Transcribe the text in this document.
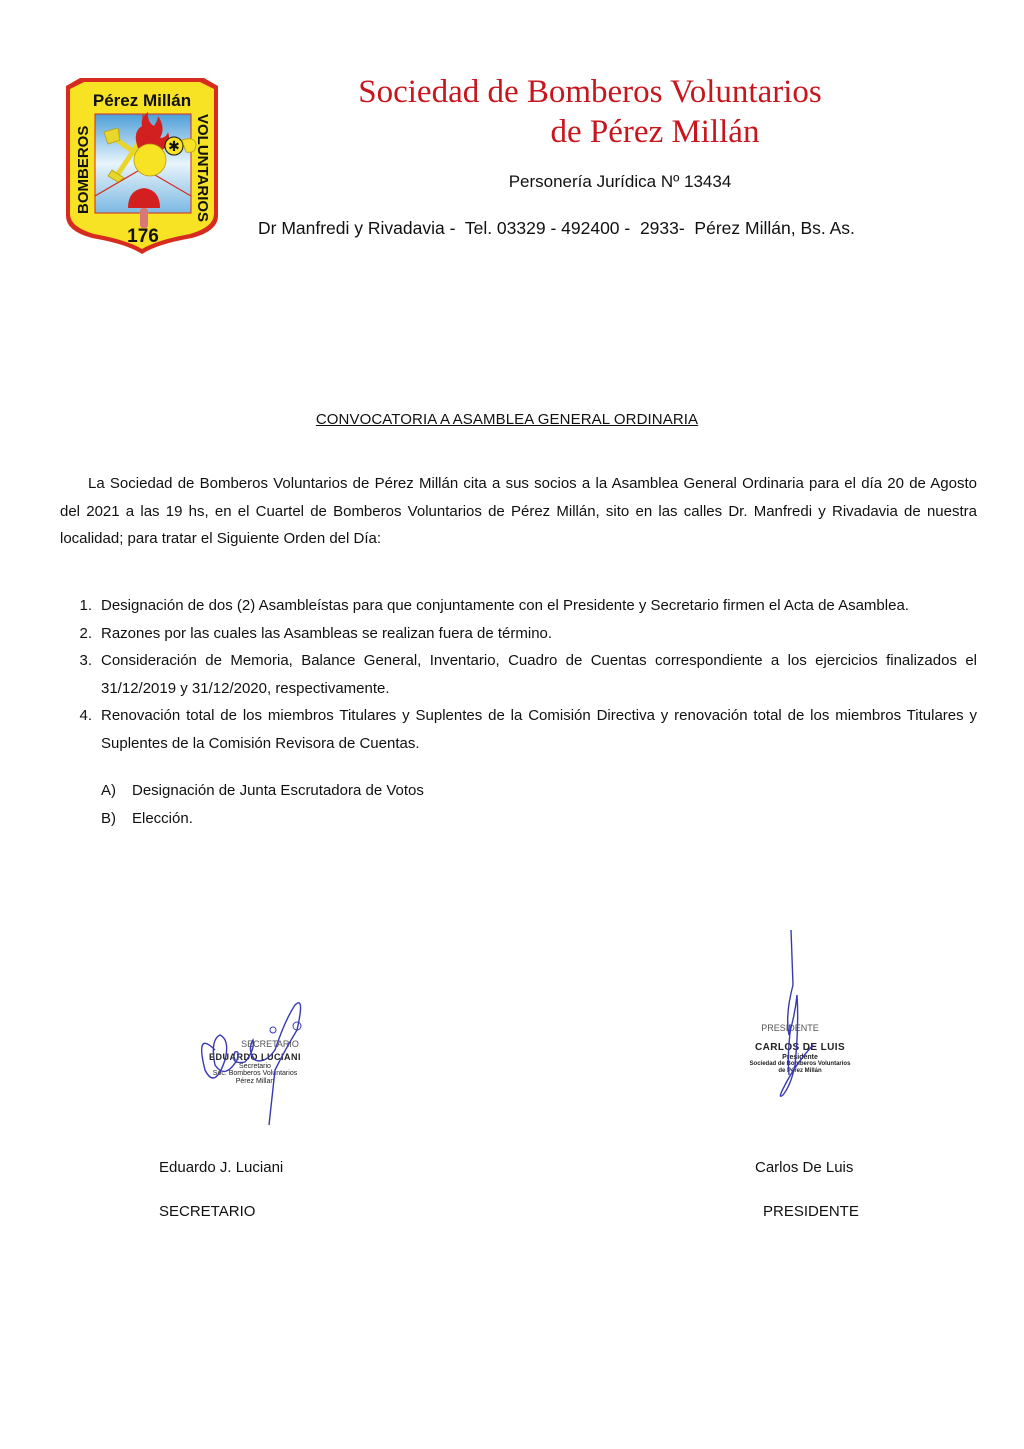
✱
Pérez Millán
BOMBEROS	VOLUNTARIOS
176
Sociedad de Bomberos Voluntarios
de Pérez Millán
Personería Jurídica Nº 13434
Dr Manfredi y Rivadavia -  Tel. 03329 - 492400 -  2933-  Pérez Millán, Bs. As.
CONVOCATORIA A ASAMBLEA GENERAL ORDINARIA
La Sociedad de Bomberos Voluntarios de Pérez Millán cita a sus socios a la Asamblea General Ordinaria para el día 20 de Agosto del 2021 a las 19 hs, en el Cuartel de Bomberos Voluntarios de Pérez Millán, sito en las calles Dr. Manfredi y Rivadavia de nuestra localidad; para tratar el Siguiente Orden del Día:
1. Designación de dos (2) Asambleístas para que conjuntamente con el Presidente y Secretario firmen el Acta de Asamblea.
2. Razones por las cuales las Asambleas se realizan fuera de término.
3. Consideración de Memoria, Balance General, Inventario, Cuadro de Cuentas correspondiente a los ejercicios finalizados el 31/12/2019 y 31/12/2020, respectivamente.
4. Renovación total de los miembros Titulares y Suplentes de la Comisión Directiva y renovación total de los miembros Titulares y Suplentes de la Comisión Revisora de Cuentas.
A) Designación de Junta Escrutadora de Votos
B) Elección.
SECRETARIO
EDUARDO LUCIANI
Secretario
Soc. Bomberos Voluntarios
Pérez Millan
Eduardo J. Luciani
SECRETARIO
PRESIDENTE
CARLOS DE LUIS
Presidente
Sociedad de Bomberos Voluntarios
de Pérez Millán
Carlos De Luis
PRESIDENTE
